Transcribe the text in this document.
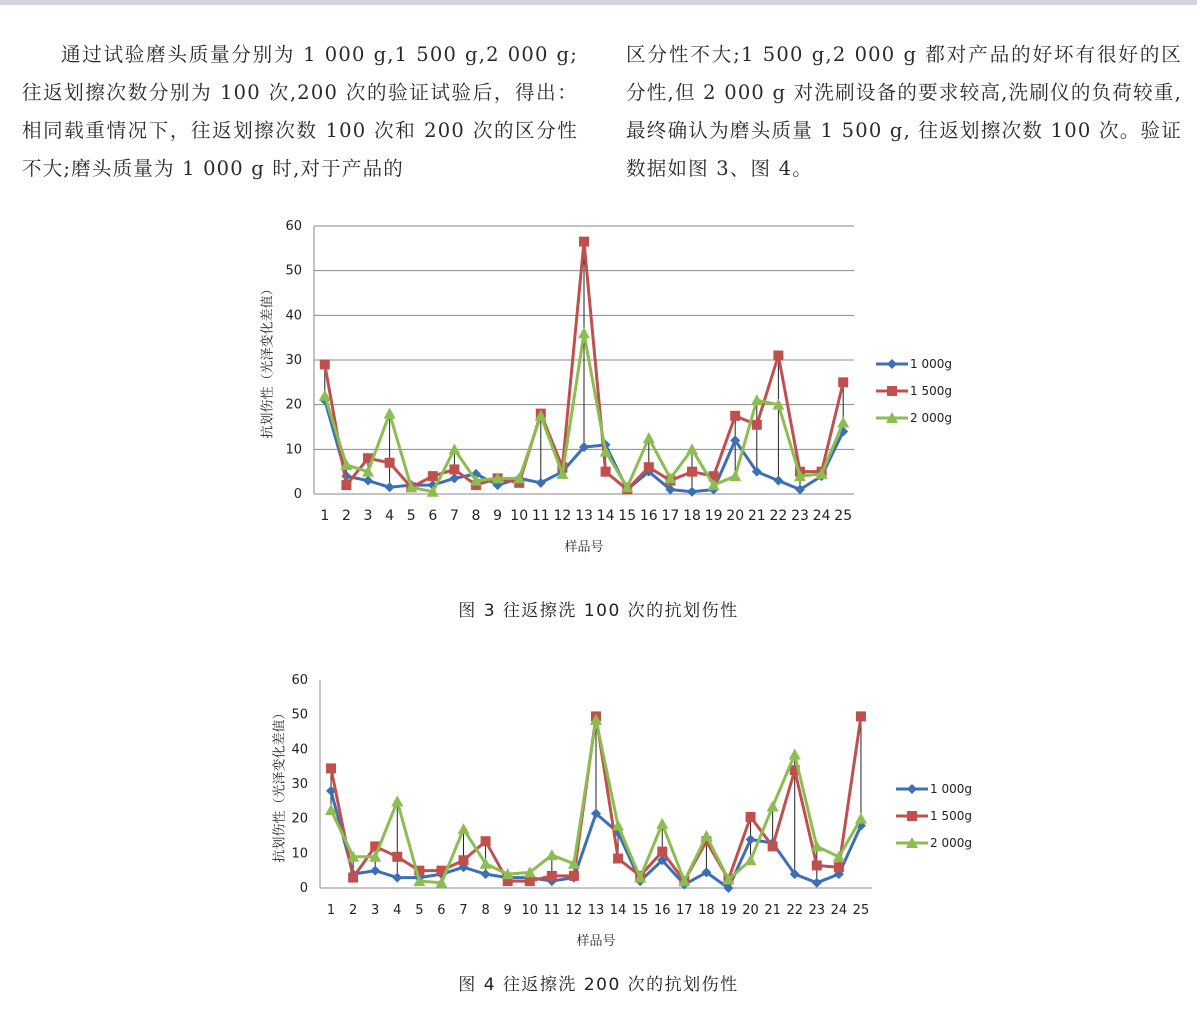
通过试验磨头质量分别为 1 000 g,1 500 g,2 000 g;往返划擦次数分别为 100 次,200 次的验证试验后，得出：相同载重情况下，往返划擦次数 100 次和 200 次的区分性不大;磨头质量为 1 000 g 时,对于产品的

区分性不大;1 500 g,2 000 g 都对产品的好坏有很好的区分性,但 2 000 g 对洗刷设备的要求较高,洗刷仪的负荷较重,最终确认为磨头质量 1 500 g, 往返划擦次数 100 次。验证数据如图 3、图 4。

0
10
20
30
40
50
60
1 2 3 4 5 6 7 8 9 10 11 12 13 14 15 16 17 18 19 20 21 22 23 24 25
1 000g
1 500g
2 000g
抗划伤性（光泽变化差值）
样品号
图 3 往返擦洗 100 次的抗划伤性
0
10
20
30
40
50
60
1 2 3 4 5 6 7 8 9 10 11 12 13 14 15 16 17 18 19 20 21 22 23 24 25
1 000g
1 500g
2 000g
抗划伤性（光泽变化差值）
样品号
图 4 往返擦洗 200 次的抗划伤性
